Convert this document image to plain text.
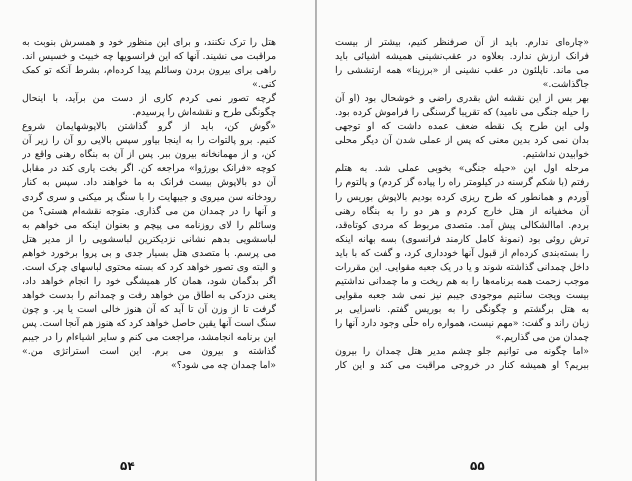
هتل را ترک نکنند، و برای این منظور خود و همسرش بنوبت به
مراقبت می نشیند. آنها که این فرانسویها چه خبیث و خسیس اند.
راهی برای بیرون بردن وسائلم پیدا کرده‌ام، بشرط آنکه تو کمک
کنی.»
گرچه تصور نمی کردم کاری از دست من برآید، با اینحال
چگونگی طرح و نقشه‌اش را پرسیدم.
«گوش کن، باید از گرو گذاشتن بالاپوشهایمان شروع
کنیم. برو پالتوات را به اینجا بیاور سپس بالایی رو آن ‌را زیر آن
کن، و از مهمانخانه بیرون ببر. پس از آن به بنگاه رهنی واقع در
کوچه «فرانک بورژوا» مراجعه کن. اگر بخت یاری کند در مقابل
آن دو بالاپوش بیست فرانک به ما خواهند داد. سپس به کنار
رودخانه سن میروی و جیبهایت را با سنگ پر میکنی و سری گردی
و آنها را در چمدان من می گذاری. متوجه نقشه‌ام هستی؟ من
وسائلم را لای روزنامه می پیچم و بعنوان اینکه می خواهم به
لباسشویی بدهم نشانی نزدیکترین لباسشویی را از مدیر هتل
می پرسم. با متصدی هتل بسیار جدی و بی پروا برخورد خواهم
و البته وی تصور خواهد کرد که بسته محتوی لباسهای چرک است.
اگر بدگمان شود، همان کار همیشگی خود را انجام خواهد داد،
یعنی دزدکی به اطاق من خواهد رفت و چمدانم را بدست خواهد
گرفت تا از وزن آن تا آید که آن هنوز خالی است یا پر. و چون
سنگ است آنها یقین حاصل خواهد کرد که هنوز هم آنجا است. پس
این برنامه انجامشد، مراجعت می کنم و سایر اشیاءام را در جیبم
گذاشته و بیرون می برم. این است استراتژی من.»
«اما چمدان چه می شود؟»
۵۴
«چاره‌ای ندارم. باید از آن صرفنظر کنیم، بیشتر از بیست
فرانک ارزش ندارد. بعلاوه در عقب‌نشینی همیشه اشیائی باید
می ماند. ناپلئون در عقب نشینی از «برزینا» همه ارتششی را
جاگذاشت.»
بهر بس از این نقشه اش بقدری راضی و خوشحال بود (او آن
را حیله جنگی می نامید) که تقریبا گرسنگی را فراموش کرده بود.
ولی این طرح یک نقطه ضعف عمده داشت که او توجهی
بدان نمی کرد بدین معنی که پس از عملی شدن آن دیگر محلی
خوابیدن نداشتیم.
مرحله اول این «حیله جنگی» بخوبی عملی شد. به هتلم
رفتم (با شکم گرسنه در کیلومتر راه را پیاده گز کردم) و پالتوم را
آوردم و همانطور که طرح ریزی کرده بودیم بالاپوش بوریس را
آن مخفیانه‌ از هتل خارج کردم و هر دو را به بنگاه رهنی
بردم. اماالشکالی پیش آمد. متصدی مربوط که مردی کوتاه‌قد،
ترش روئی بود (نمونهٔ کامل کارمند فرانسوی) بسه بهانه اینکه
را بسته‌بندی کرده‌ام از قبول آنها خودداری کرد، و گفت که با باید
داخل چمدانی گذاشته شوند و یا در یک جعبه مقوایی. این مقررات
موجب زحمت همه برنامه‌ها را به هم ریخت و ما چمدانی نداشتیم
بیست ویجت سانتیم موجودی جیبم نیز نمی شد جعبه مقوایی
به هتل برگشتم و چگونگی را به بوریس گفتم. ناسزایی بر
زبان راند و گفت: «مهم نیست، همواره راه حلّی وجود دارد آنها را
چمدان من می گذاریم.»
«اما چگونه می توانیم جلو چشم مدیر هتل چمدان را بیرون
ببریم؟ او همیشه کنار در خروجی مراقبت می کند و این کار
۵۵
